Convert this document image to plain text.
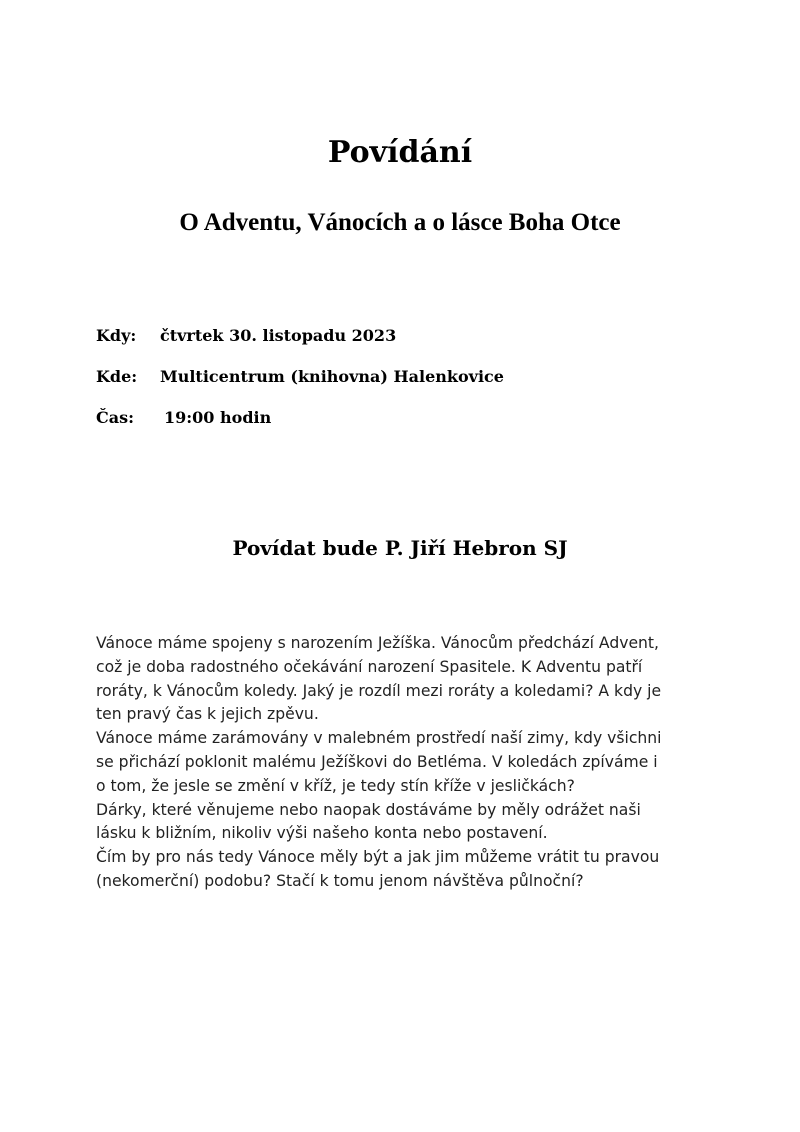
Povídání
O Adventu, Vánocích a o lásce Boha Otce
Kdy: čtvrtek 30. listopadu 2023
Kde: Multicentrum (knihovna) Halenkovice
Čas: 19:00 hodin
Povídat bude P. Jiří Hebron SJ
Vánoce máme spojeny s narozením Ježíška. Vánocům předchází Advent,
což je doba radostného očekávání narození Spasitele. K Adventu patří
roráty, k Vánocům koledy. Jaký je rozdíl mezi roráty a koledami? A kdy je
ten pravý čas k jejich zpěvu.
Vánoce máme zarámovány v malebném prostředí naší zimy, kdy všichni
se přichází poklonit malému Ježíškovi do Betléma. V koledách zpíváme i
o tom, že jesle se změní v kříž, je tedy stín kříže v jesličkách?
Dárky, které věnujeme nebo naopak dostáváme by měly odrážet naši
lásku k bližním, nikoliv výši našeho konta nebo postavení.
Čím by pro nás tedy Vánoce měly být a jak jim můžeme vrátit tu pravou
(nekomerční) podobu? Stačí k tomu jenom návštěva půlnoční?
